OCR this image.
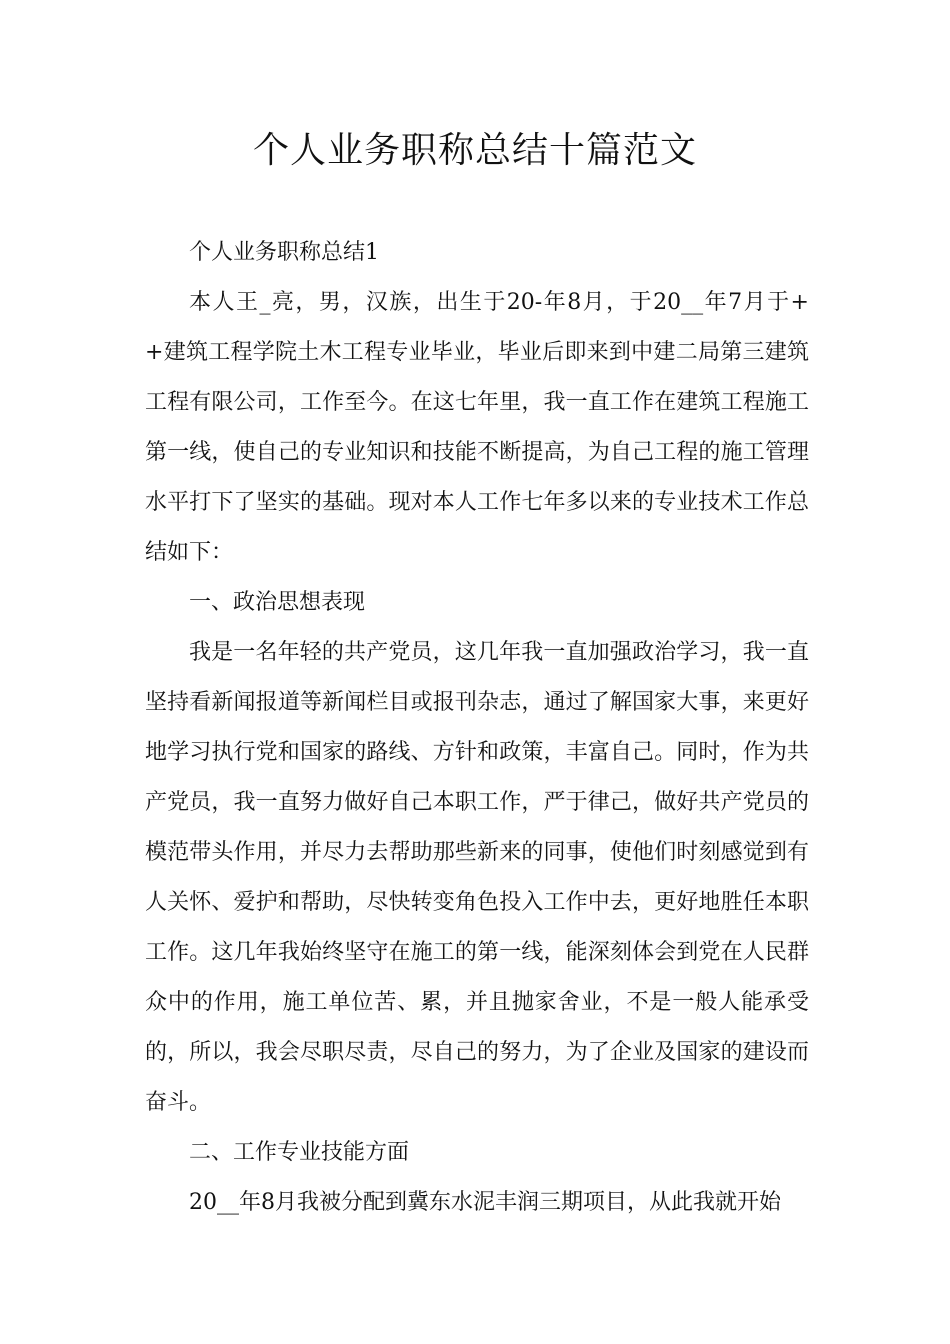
个人业务职称总结十篇范文

个人业务职称总结1

本人王_亮，男，汉族，出生于20-年8月，于20__年7月于++建筑工程学院土木工程专业毕业，毕业后即来到中建二局第三建筑工程有限公司，工作至今。在这七年里，我一直工作在建筑工程施工第一线，使自己的专业知识和技能不断提高，为自己工程的施工管理水平打下了坚实的基础。现对本人工作七年多以来的专业技术工作总结如下：

一、政治思想表现

我是一名年轻的共产党员，这几年我一直加强政治学习，我一直坚持看新闻报道等新闻栏目或报刊杂志，通过了解国家大事，来更好地学习执行党和国家的路线、方针和政策，丰富自己。同时，作为共产党员，我一直努力做好自己本职工作，严于律己，做好共产党员的模范带头作用，并尽力去帮助那些新来的同事，使他们时刻感觉到有人关怀、爱护和帮助，尽快转变角色投入工作中去，更好地胜任本职工作。这几年我始终坚守在施工的第一线，能深刻体会到党在人民群众中的作用，施工单位苦、累，并且抛家舍业，不是一般人能承受的，所以，我会尽职尽责，尽自己的努力，为了企业及国家的建设而奋斗。

二、工作专业技能方面

20__年8月我被分配到冀东水泥丰润三期项目，从此我就开始
